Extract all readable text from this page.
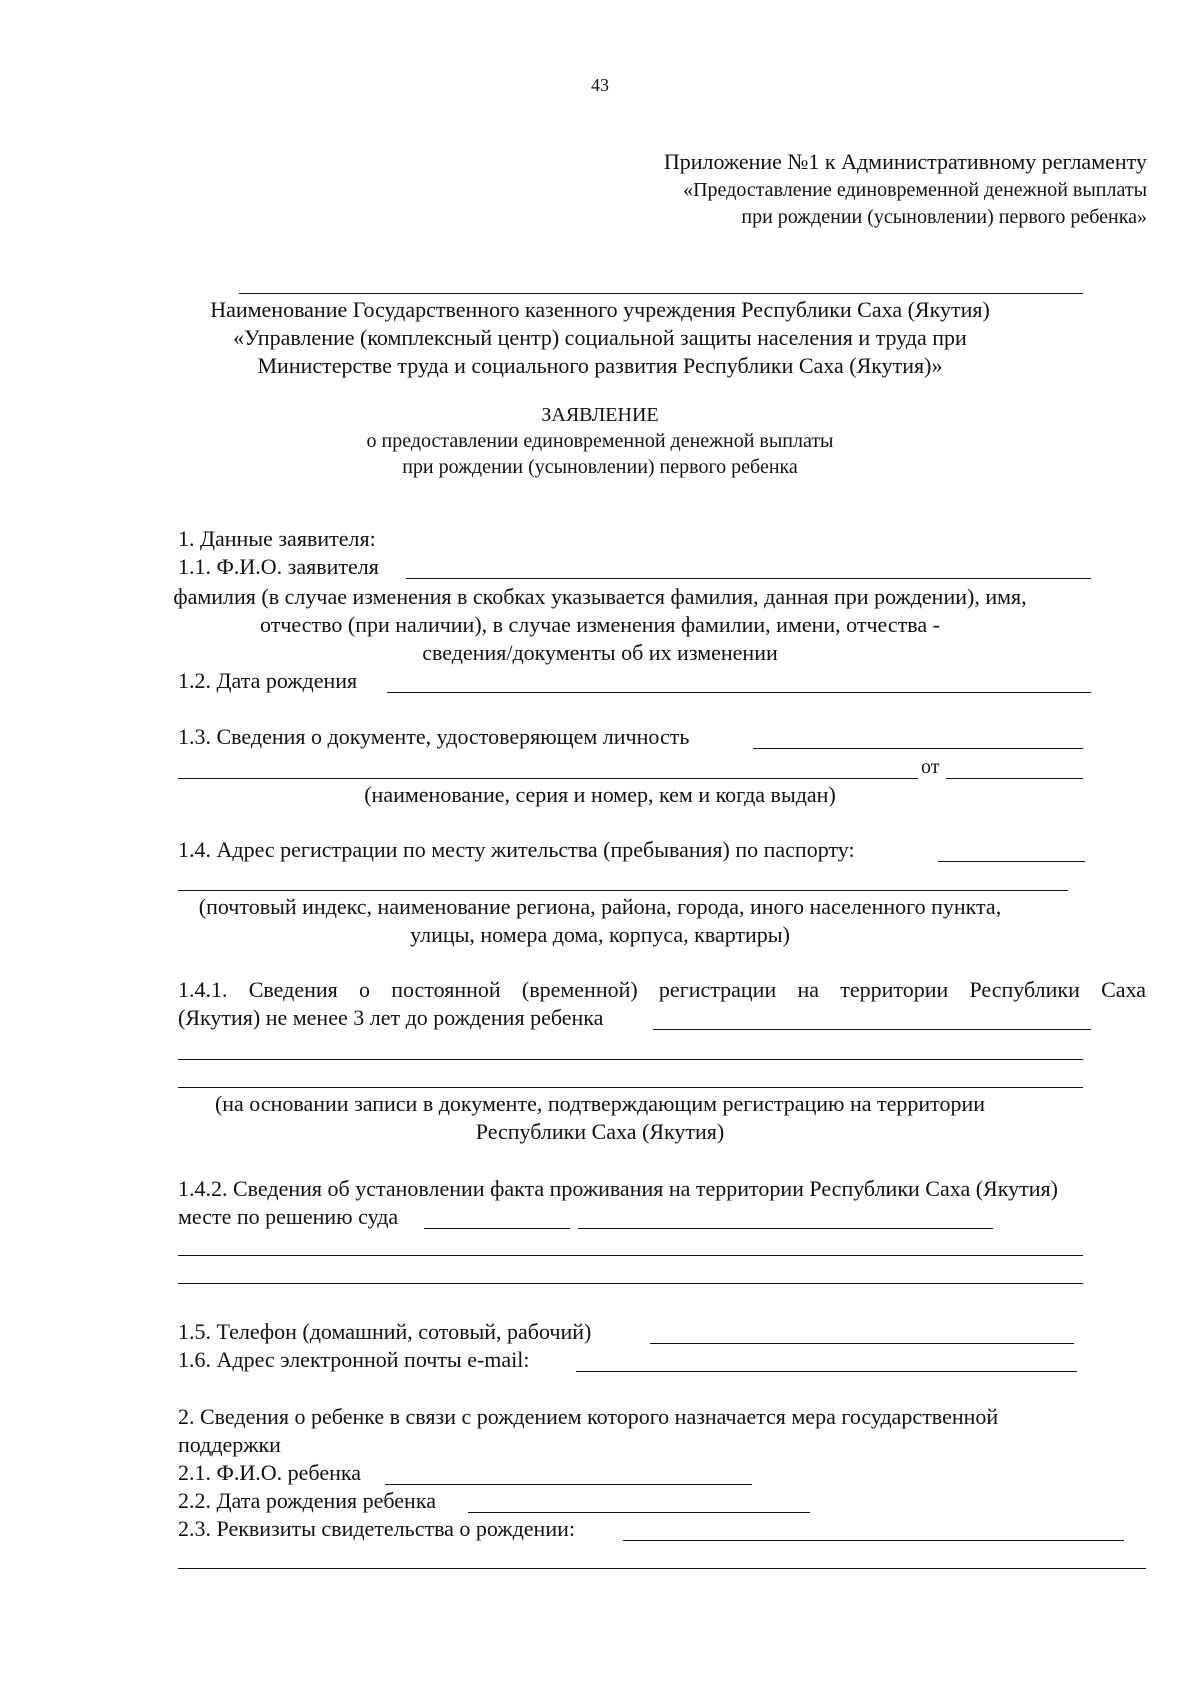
43
Приложение №1 к Административному регламенту
«Предоставление единовременной денежной выплаты
при рождении (усыновлении) первого ребенка»
Наименование Государственного казенного учреждения Республики Саха (Якутия)
«Управление (комплексный центр) социальной защиты населения и труда при
Министерстве труда и социального развития Республики Саха (Якутия)»
ЗАЯВЛЕНИЕ
о предоставлении единовременной денежной выплаты
при рождении (усыновлении) первого ребенка
1. Данные заявителя:
1.1. Ф.И.О. заявителя
фамилия (в случае изменения в скобках указывается фамилия, данная при рождении), имя,
отчество (при наличии), в случае изменения фамилии, имени, отчества -
сведения/документы об их изменении
1.2. Дата рождения
1.3. Сведения о документе, удостоверяющем личность
от
(наименование, серия и номер, кем и когда выдан)
1.4. Адрес регистрации по месту жительства (пребывания) по паспорту:
(почтовый индекс, наименование региона, района, города, иного населенного пункта,
улицы, номера дома, корпуса, квартиры)
1.4.1. Сведения о постоянной (временной) регистрации на территории Республики Саха
(Якутия) не менее 3 лет до рождения ребенка
(на основании записи в документе, подтверждающим регистрацию на территории
Республики Саха (Якутия)
1.4.2. Сведения об установлении факта проживания на территории Республики Саха (Якутия)
месте по решению суда
1.5. Телефон (домашний, сотовый, рабочий)
1.6. Адрес электронной почты e-mail:
2. Сведения о ребенке в связи с рождением которого назначается мера государственной
поддержки
2.1. Ф.И.О. ребенка
2.2. Дата рождения ребенка
2.3. Реквизиты свидетельства о рождении:
